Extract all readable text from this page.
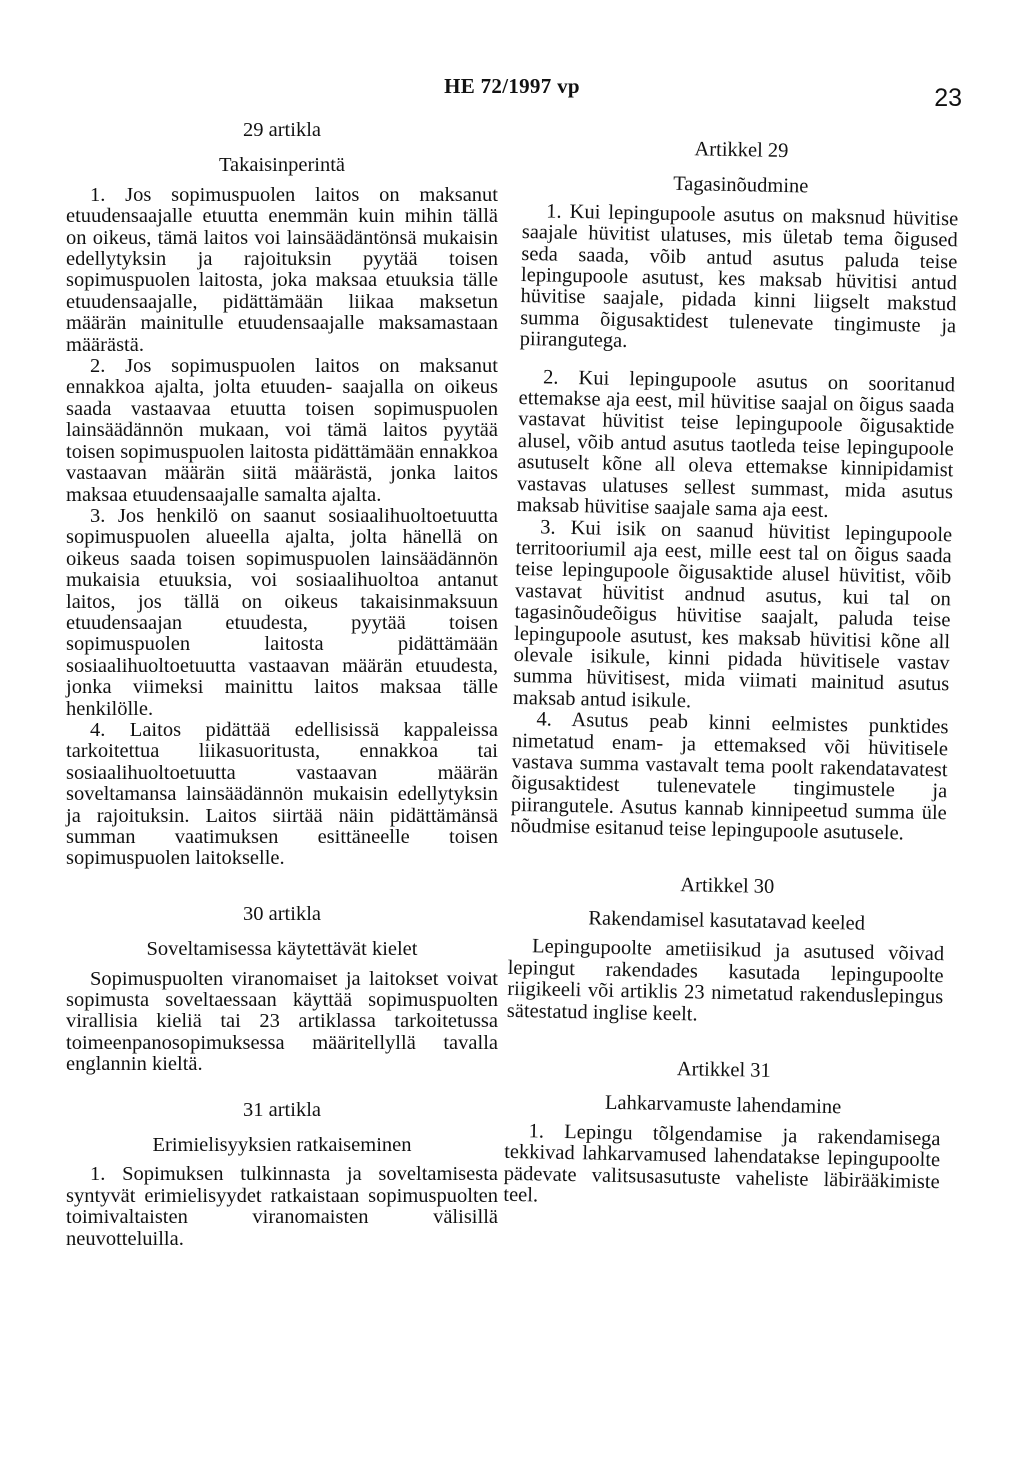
HE 72/1997 vp	23

29 artikla

Takaisinperintä

1. Jos sopimuspuolen laitos on maksanut etuudensaajalle etuutta enemmän kuin mihin tällä on oikeus, tämä laitos voi lainsäädäntönsä mukaisin edellytyksin ja rajoituksin pyytää toisen sopimuspuolen laitosta, joka maksaa etuuksia tälle etuudensaajalle, pidättämään liikaa maksetun määrän mainitulle etuudensaajalle maksamastaan määrästä.

2. Jos sopimuspuolen laitos on maksanut ennakkoa ajalta, jolta etuuden- saajalla on oikeus saada vastaavaa etuutta toisen sopimuspuolen lainsäädännön mukaan, voi tämä laitos pyytää toisen sopimuspuolen laitosta pidättämään ennakkoa vastaavan määrän siitä määrästä, jonka laitos maksaa etuudensaajalle samalta ajalta.

3. Jos henkilö on saanut sosiaalihuoltoetuutta sopimuspuolen alueella ajalta, jolta hänellä on oikeus saada toisen sopimuspuolen lainsäädännön mukaisia etuuksia, voi sosiaalihuoltoa antanut laitos, jos tällä on oikeus takaisinmaksuun etuudensaajan etuudesta, pyytää toisen sopimuspuolen laitosta pidättämään sosiaalihuoltoetuutta vastaavan määrän etuudesta, jonka viimeksi mainittu laitos maksaa tälle henkilölle.

4. Laitos pidättää edellisissä kappaleissa tarkoitettua liikasuoritusta, ennakkoa tai sosiaalihuoltoetuutta vastaavan määrän soveltamansa lainsäädännön mukaisin edellytyksin ja rajoituksin. Laitos siirtää näin pidättämänsä summan vaatimuksen esittäneelle toisen sopimuspuolen laitokselle.

30 artikla

Soveltamisessa käytettävät kielet

Sopimuspuolten viranomaiset ja laitokset voivat sopimusta soveltaessaan käyttää sopimuspuolten virallisia kieliä tai 23 artiklassa tarkoitetussa toimeenpanosopimuksessa määritellyllä tavalla englannin kieltä.

31 artikla

Erimielisyyksien ratkaiseminen

1. Sopimuksen tulkinnasta ja soveltamisesta syntyvät erimielisyydet ratkaistaan sopimuspuolten toimivaltaisten viranomaisten välisillä neuvotteluilla.

Artikkel 29

Tagasinõudmine

1. Kui lepingupoole asutus on maksnud hüvitise saajale hüvitist ulatuses, mis ületab tema õigused seda saada, võib antud asutus paluda teise lepingupoole asutust, kes maksab hüvitisi antud hüvitise saajale, pidada kinni liigselt makstud summa õigusaktidest tulenevate tingimuste ja piirangutega.

2. Kui lepingupoole asutus on sooritanud ettemakse aja eest, mil hüvitise saajal on õigus saada vastavat hüvitist teise lepingupoole õigusaktide alusel, võib antud asutus taotleda teise lepingupoole asutuselt kõne all oleva ettemakse kinnipidamist vastavas ulatuses sellest summast, mida asutus maksab hüvitise saajale sama aja eest.

3. Kui isik on saanud hüvitist lepingupoole territooriumil aja eest, mille eest tal on õigus saada teise lepingupoole õigusaktide alusel hüvitist, võib vastavat hüvitist andnud asutus, kui tal on tagasinõudeõigus hüvitise saajalt, paluda teise lepingupoole asutust, kes maksab hüvitisi kõne all olevale isikule, kinni pidada hüvitisele vastav summa hüvitisest, mida viimati mainitud asutus maksab antud isikule.

4. Asutus peab kinni eelmistes punktides nimetatud enam- ja ettemaksed või hüvitisele vastava summa vastavalt tema poolt rakendatavatest õigusaktidest tulenevatele tingimustele ja piirangutele. Asutus kannab kinnipeetud summa üle nõudmise esitanud teise lepingupoole asutusele.

Artikkel 30

Rakendamisel kasutatavad keeled

Lepingupoolte ametiisikud ja asutused võivad lepingut rakendades kasutada lepingupoolte riigikeeli või artiklis 23 nimetatud rakenduslepingus sätestatud inglise keelt.

Artikkel 31

Lahkarvamuste lahendamine

1. Lepingu tõlgendamise ja rakendamisega tekkivad lahkarvamused lahendatakse lepingupoolte pädevate valitsusasutuste vaheliste läbirääkimiste teel.
